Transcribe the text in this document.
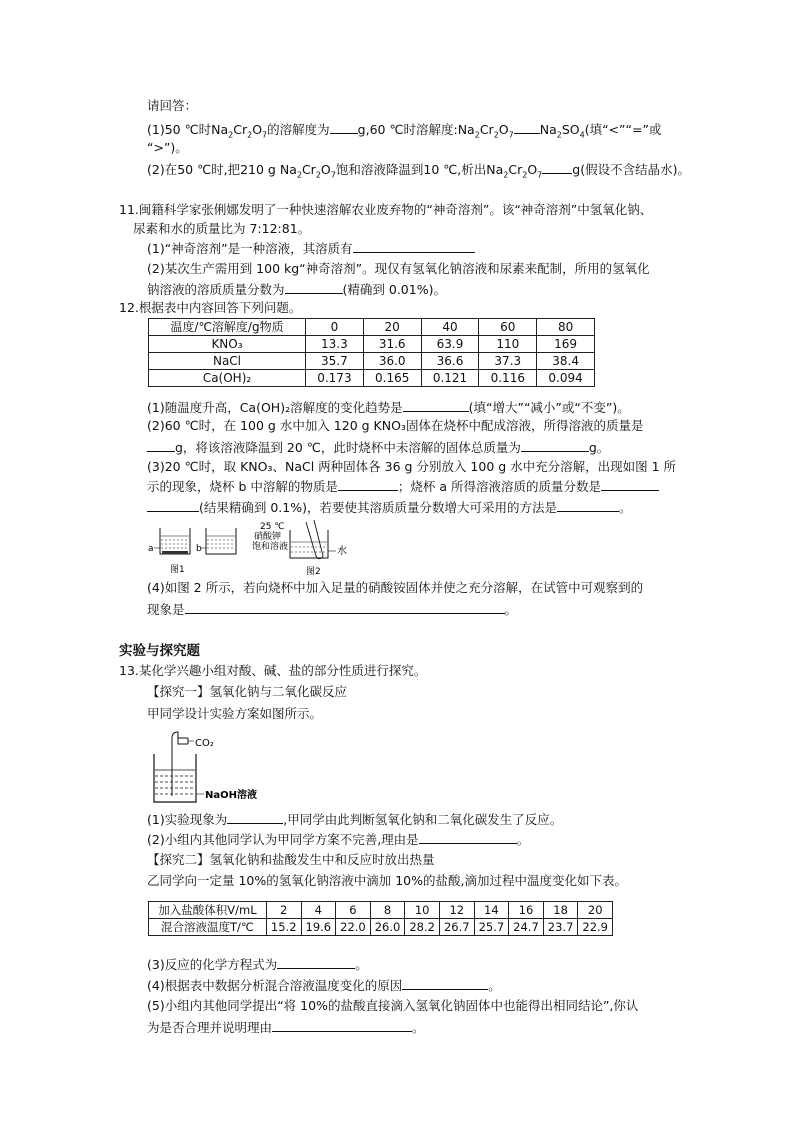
请回答：
(1)50 ℃时$Na_2Cr_2O_7$的溶解度为 g,60 ℃时溶解度$:Na_2Cr_2O_7$ $Na_2SO_4$(填“<”“=”或
“>”)。
(2)在50 ℃时,把210 g $Na_2Cr_2O_7$饱和溶液降温到10 ℃,析出$Na_2Cr_2O_7$ g(假设不含结晶水)。
11.闽籍科学家张俐娜发明了一种快速溶解农业废弃物的“神奇溶剂”。该“神奇溶剂”中氢氧化钠、
尿素和水的质量比为 7:12:81。
(1)“神奇溶剂”是一种溶液，其溶质有
(2)某次生产需用到 100 kg“神奇溶剂”。现仅有氢氧化钠溶液和尿素来配制，所用的氢氧化
钠溶液的溶质质量分数为	(精确到 0.01%)。
12.根据表中内容回答下列问题。
温度/℃溶解度/g物质	0	20	40	60	80
KNO₃	13.3	31.6	63.9	110	169
NaCl	35.7	36.0	36.6	37.3	38.4
Ca(OH)₂	0.173	0.165	0.121	0.116	0.094
(1)随温度升高，Ca(OH)₂溶解度的变化趋势是	(填“增大”“减小”或“不变”)。
(2)60 ℃时，在 100 g 水中加入 120 g KNO₃固体在烧杯中配成溶液，所得溶液的质量是
g，将该溶液降温到 20 ℃，此时烧杯中未溶解的固体总质量为	g。
(3)20 ℃时，取 KNO₃、NaCl 两种固体各 36 g 分别放入 100 g 水中充分溶解，出现如图 1 所
示的现象，烧杯 b 中溶解的物质是	；烧杯 a 所得溶液溶质的质量分数是
(结果精确到 0.1%)，若要使其溶质质量分数增大可采用的方法是	。
a	b
图1
25 ℃
硝酸钾
饱和溶液	水
图2
(4)如图 2 所示，若向烧杯中加入足量的硝酸铵固体并使之充分溶解，在试管中可观察到的
现象是	。
实验与探究题
13.某化学兴趣小组对酸、碱、盐的部分性质进行探究。
【探究一】氢氧化钠与二氧化碳反应
甲同学设计实验方案如图所示。
CO₂
NaOH溶液
(1)实验现象为	,甲同学由此判断氢氧化钠和二氧化碳发生了反应。
(2)小组内其他同学认为甲同学方案不完善,理由是	。
【探究二】氢氧化钠和盐酸发生中和反应时放出热量
乙同学向一定量 10%的氢氧化钠溶液中滴加 10%的盐酸,滴加过程中温度变化如下表。
加入盐酸体积V/mL	2	4	6	8	10	12	14	16	18	20
混合溶液温度T/℃	15.2	19.6	22.0	26.0	28.2	26.7	25.7	24.7	23.7	22.9
(3)反应的化学方程式为	。
(4)根据表中数据分析混合溶液温度变化的原因	。
(5)小组内其他同学提出“将 10%的盐酸直接滴入氢氧化钠固体中也能得出相同结论”,你认
为是否合理并说明理由	。
